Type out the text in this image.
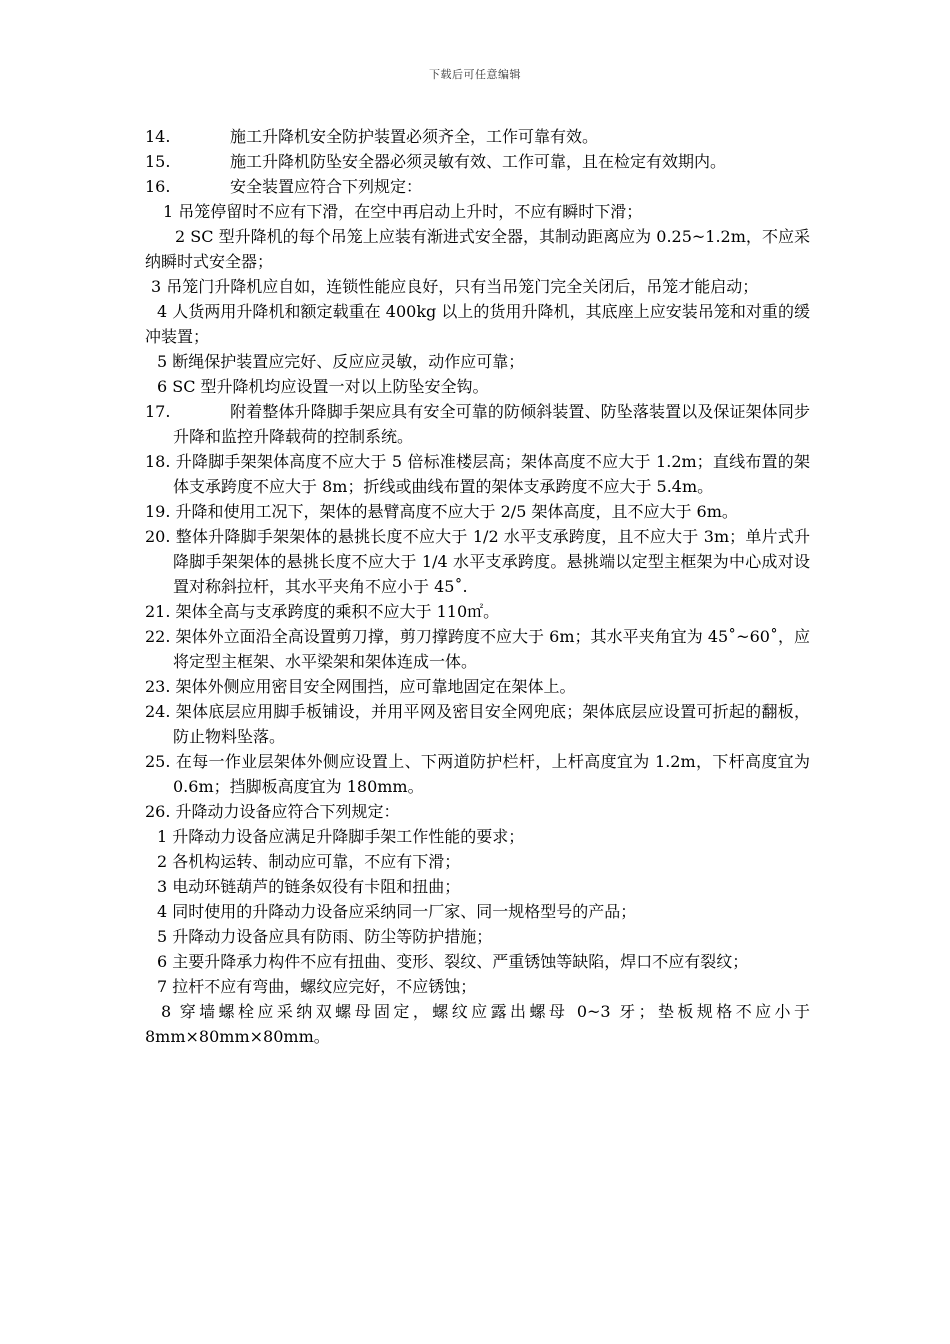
下载后可任意编辑

14.	施工升降机安全防护装置必须齐全，工作可靠有效。

15.	施工升降机防坠安全器必须灵敏有效、工作可靠，且在检定有效期内。

16.	安全装置应符合下列规定：

1 吊笼停留时不应有下滑，在空中再启动上升时，不应有瞬时下滑；

2 SC 型升降机的每个吊笼上应装有渐进式安全器，其制动距离应为 0.25~1.2m，不应采纳瞬时式安全器；

3 吊笼门升降机应自如，连锁性能应良好，只有当吊笼门完全关闭后，吊笼才能启动；

4 人货两用升降机和额定载重在 400kg 以上的货用升降机，其底座上应安装吊笼和对重的缓冲装置；

5 断绳保护装置应完好、反应应灵敏，动作应可靠；

6 SC 型升降机均应设置一对以上防坠安全钩。

17.	附着整体升降脚手架应具有安全可靠的防倾斜装置、防坠落装置以及保证架体同步升降和监控升降载荷的控制系统。

18. 升降脚手架架体高度不应大于 5 倍标准楼层高；架体高度不应大于 1.2m；直线布置的架体支承跨度不应大于 8m；折线或曲线布置的架体支承跨度不应大于 5.4m。

19. 升降和使用工况下，架体的悬臂高度不应大于 2/5 架体高度，且不应大于 6m。

20. 整体升降脚手架架体的悬挑长度不应大于 1/2 水平支承跨度，且不应大于 3m；单片式升降脚手架架体的悬挑长度不应大于 1/4 水平支承跨度。悬挑端以定型主框架为中心成对设置对称斜拉杆，其水平夹角不应小于 45˚.

21. 架体全高与支承跨度的乘积不应大于 110㎡。

22. 架体外立面沿全高设置剪刀撑，剪刀撑跨度不应大于 6m；其水平夹角宜为 45˚~60˚，应将定型主框架、水平梁架和架体连成一体。

23. 架体外侧应用密目安全网围挡，应可靠地固定在架体上。

24. 架体底层应用脚手板铺设，并用平网及密目安全网兜底；架体底层应设置可折起的翻板，防止物料坠落。

25. 在每一作业层架体外侧应设置上、下两道防护栏杆，上杆高度宜为 1.2m，下杆高度宜为 0.6m；挡脚板高度宜为 180mm。

26. 升降动力设备应符合下列规定：

1 升降动力设备应满足升降脚手架工作性能的要求；

2 各机构运转、制动应可靠，不应有下滑；

3 电动环链葫芦的链条奴役有卡阻和扭曲；

4 同时使用的升降动力设备应采纳同一厂家、同一规格型号的产品；

5 升降动力设备应具有防雨、防尘等防护措施；

6 主要升降承力构件不应有扭曲、变形、裂纹、严重锈蚀等缺陷，焊口不应有裂纹；

7 拉杆不应有弯曲，螺纹应完好，不应锈蚀；

8 穿墙螺栓应采纳双螺母固定，螺纹应露出螺母 0~3 牙；垫板规格不应小于 8mm×80mm×80mm。
